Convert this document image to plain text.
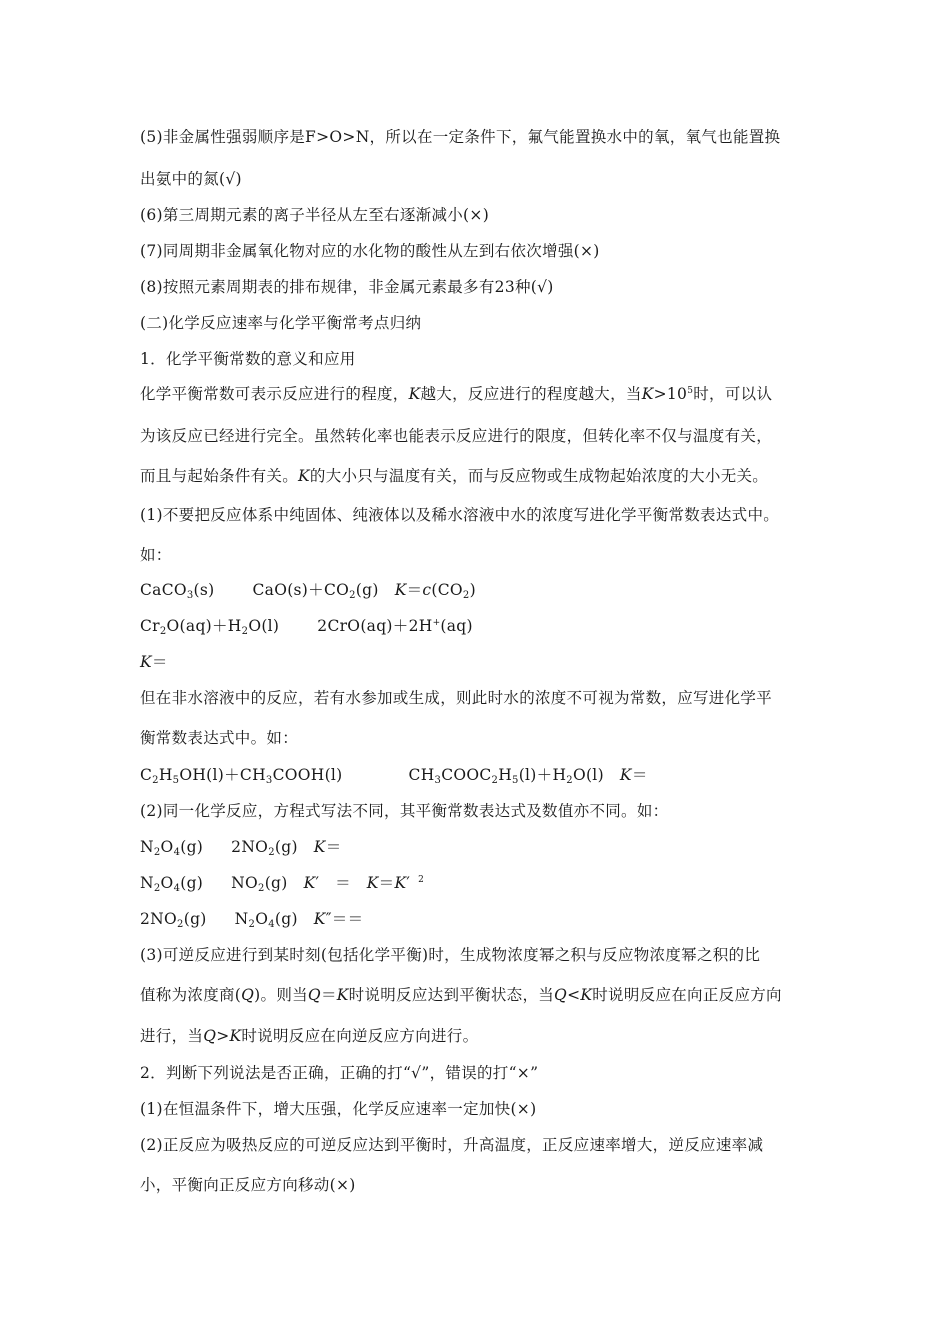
(5)非金属性强弱顺序是F>O>N，所以在一定条件下，氟气能置换水中的氧，氧气也能置换
出氨中的氮(√)
(6)第三周期元素的离子半径从左至右逐渐减小(×)
(7)同周期非金属氧化物对应的水化物的酸性从左到右依次增强(×)
(8)按照元素周期表的排布规律，非金属元素最多有23种(√)
(二)化学反应速率与化学平衡常考点归纳
1．化学平衡常数的意义和应用
化学平衡常数可表示反应进行的程度，K越大，反应进行的程度越大，当$K>10^5$时，可以认
为该反应已经进行完全。虽然转化率也能表示反应进行的限度，但转化率不仅与温度有关，
而且与起始条件有关。K的大小只与温度有关，而与反应物或生成物起始浓度的大小无关。
(1)不要把反应体系中纯固体、纯液体以及稀水溶液中水的浓度写进化学平衡常数表达式中。
如：
CaCO$_3$(s) $CaO(s)+CO_2(g)$ $K=c(CO_2)$
$Cr_2O(aq)+H_2O(l)$ 2CrO(aq)＋2H+(aq)
K＝
但在非水溶液中的反应，若有水参加或生成，则此时水的浓度不可视为常数，应写进化学平
衡常数表达式中。如：
$C_2H_5OH(l)+CH_3COOH(l)$	$CH_3COOC_2H_5(l)+H_2O(l)$ K＝
(2)同一化学反应，方程式写法不同，其平衡常数表达式及数值亦不同。如：
$N_2O_4(g)$ $2NO_2(g)$ K＝
$N_2O_4(g)$ $NO_2(g)$ K′　＝　K＝K′ $^2$
$2NO_2(g)$ $N_2O_4(g)$ K″＝＝
(3)可逆反应进行到某时刻(包括化学平衡)时，生成物浓度幂之积与反应物浓度幂之积的比
值称为浓度商(Q)。则当Q＝K时说明反应达到平衡状态，当Q<K时说明反应在向正反应方向
进行，当Q>K时说明反应在向逆反应方向进行。
2．判断下列说法是否正确，正确的打“√”，错误的打“×”
(1)在恒温条件下，增大压强，化学反应速率一定加快(×)
(2)正反应为吸热反应的可逆反应达到平衡时，升高温度，正反应速率增大，逆反应速率减
小，平衡向正反应方向移动(×)
